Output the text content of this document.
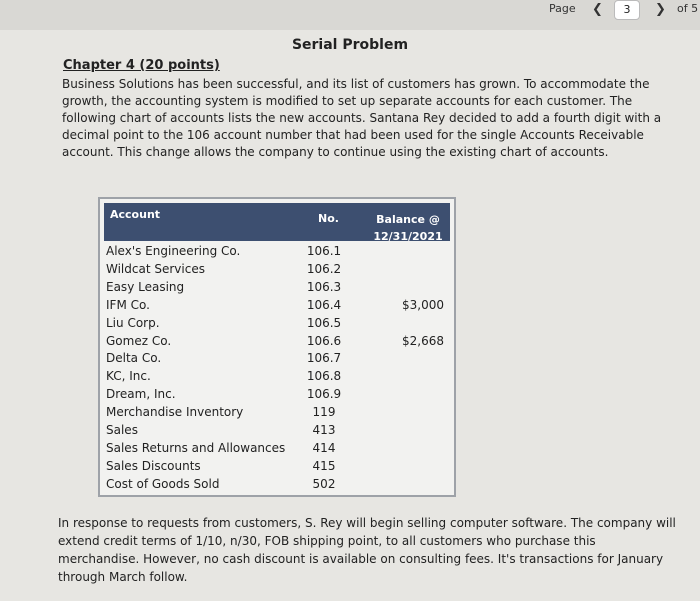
Page ❮	3	❯ of 5
Serial Problem
Chapter 4 (20 points)
Business Solutions has been successful, and its list of customers has grown. To accommodate the growth, the accounting system is modified to set up separate accounts for each customer. The following chart of accounts lists the new accounts. Santana Rey decided to add a fourth digit with a decimal point to the 106 account number that had been used for the single Accounts Receivable account. This change allows the company to continue using the existing chart of accounts.
Account	No.	Balance @ 12/31/2021
Alex's Engineering Co.	106.1
Wildcat Services	106.2
Easy Leasing	106.3
IFM Co.	106.4	$3,000
Liu Corp.	106.5
Gomez Co.	106.6	$2,668
Delta Co.	106.7
KC, Inc.	106.8
Dream, Inc.	106.9
Merchandise Inventory	119
Sales	413
Sales Returns and Allowances	414
Sales Discounts	415
Cost of Goods Sold	502
In response to requests from customers, S. Rey will begin selling computer software. The company will extend credit terms of 1/10, n/30, FOB shipping point, to all customers who purchase this merchandise. However, no cash discount is available on consulting fees. It's transactions for January through March follow.
